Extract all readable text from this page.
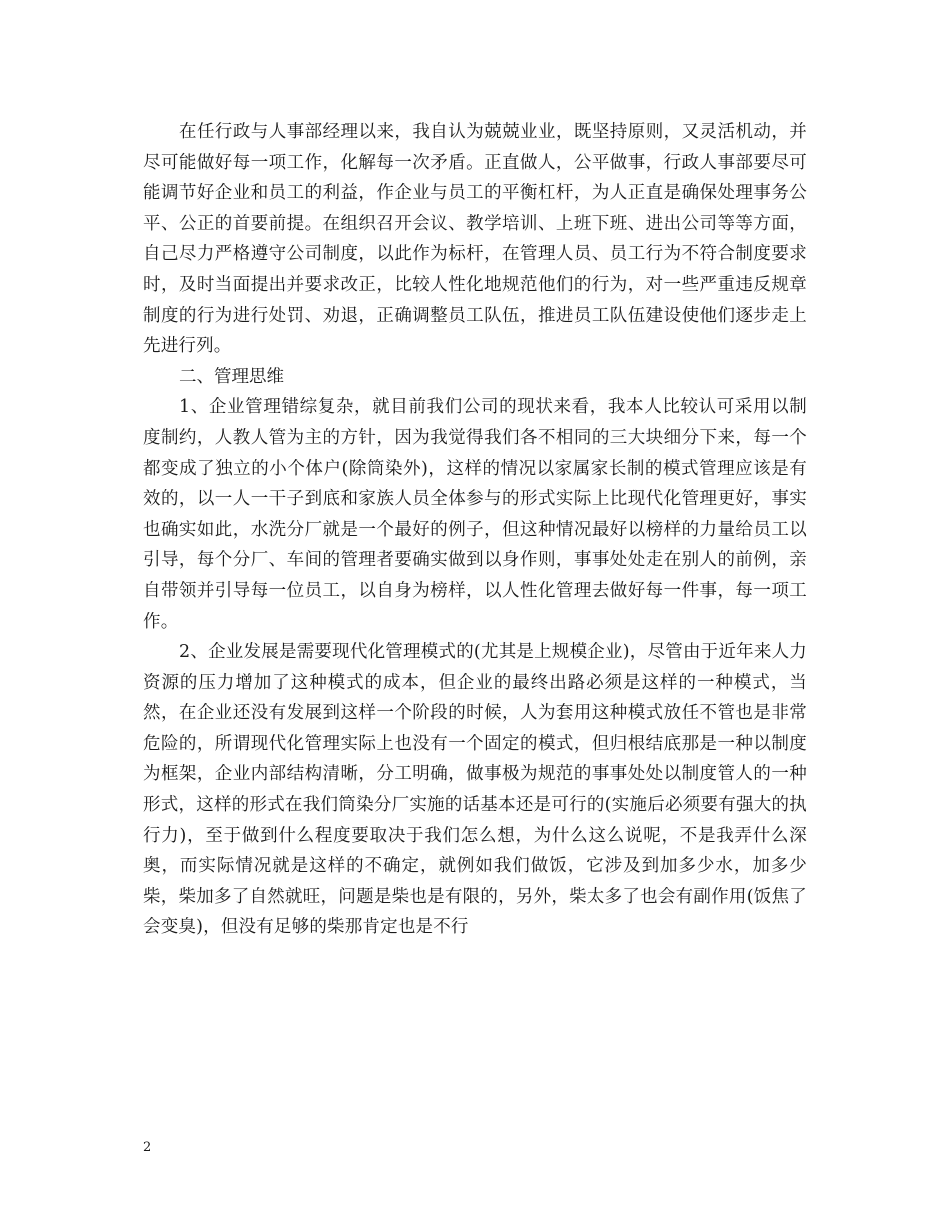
在任行政与人事部经理以来，我自认为兢兢业业，既坚持原则，又灵活机动，并尽可能做好每一项工作，化解每一次矛盾。正直做人，公平做事，行政人事部要尽可能调节好企业和员工的利益，作企业与员工的平衡杠杆，为人正直是确保处理事务公平、公正的首要前提。在组织召开会议、教学培训、上班下班、进出公司等等方面，自己尽力严格遵守公司制度，以此作为标杆，在管理人员、员工行为不符合制度要求时，及时当面提出并要求改正，比较人性化地规范他们的行为，对一些严重违反规章制度的行为进行处罚、劝退，正确调整员工队伍，推进员工队伍建设使他们逐步走上先进行列。

二、管理思维

1、企业管理错综复杂，就目前我们公司的现状来看，我本人比较认可采用以制度制约，人教人管为主的方针，因为我觉得我们各不相同的三大块细分下来，每一个都变成了独立的小个体户(除筒染外)，这样的情况以家属家长制的模式管理应该是有效的，以一人一干子到底和家族人员全体参与的形式实际上比现代化管理更好，事实也确实如此，水洗分厂就是一个最好的例子，但这种情况最好以榜样的力量给员工以引导，每个分厂、车间的管理者要确实做到以身作则，事事处处走在别人的前例，亲自带领并引导每一位员工，以自身为榜样，以人性化管理去做好每一件事，每一项工作。

2、企业发展是需要现代化管理模式的(尤其是上规模企业)，尽管由于近年来人力资源的压力增加了这种模式的成本，但企业的最终出路必须是这样的一种模式，当然，在企业还没有发展到这样一个阶段的时候，人为套用这种模式放任不管也是非常危险的，所谓现代化管理实际上也没有一个固定的模式，但归根结底那是一种以制度为框架，企业内部结构清晰，分工明确，做事极为规范的事事处处以制度管人的一种形式，这样的形式在我们筒染分厂实施的话基本还是可行的(实施后必须要有强大的执行力)，至于做到什么程度要取决于我们怎么想，为什么这么说呢，不是我弄什么深奥，而实际情况就是这样的不确定，就例如我们做饭，它涉及到加多少水，加多少柴，柴加多了自然就旺，问题是柴也是有限的，另外，柴太多了也会有副作用(饭焦了会变臭)，但没有足够的柴那肯定也是不行

2
